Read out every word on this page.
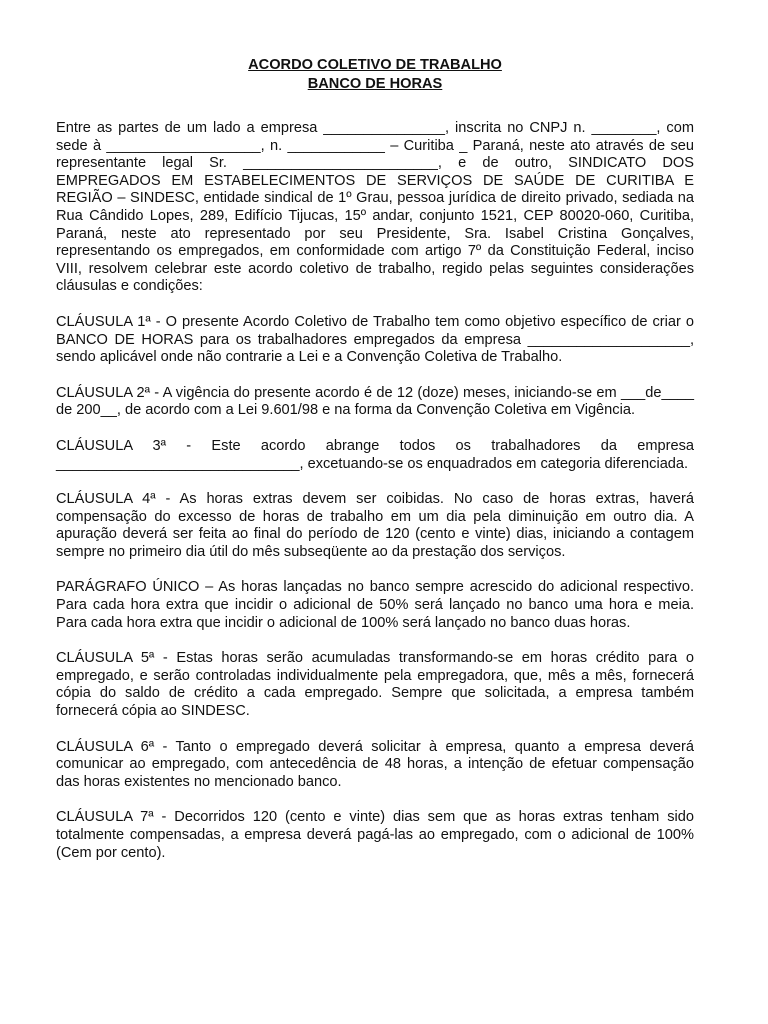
ACORDO COLETIVO DE TRABALHO

BANCO DE HORAS

Entre as partes de um lado a empresa _______________, inscrita no CNPJ n. ________, com sede à ___________________, n. ____________ – Curitiba _ Paraná, neste ato através de seu representante legal Sr. ________________________, e de outro, SINDICATO DOS EMPREGADOS EM ESTABELECIMENTOS DE SERVIÇOS DE SAÚDE DE CURITIBA E REGIÃO – SINDESC, entidade sindical de 1º Grau, pessoa jurídica de direito privado, sediada na Rua Cândido Lopes, 289, Edifício Tijucas, 15º andar, conjunto 1521, CEP 80020-060, Curitiba, Paraná, neste ato representado por seu Presidente, Sra. Isabel Cristina Gonçalves, representando os empregados, em conformidade com artigo 7º da Constituição Federal, inciso VIII, resolvem celebrar este acordo coletivo de trabalho, regido pelas seguintes considerações cláusulas e condições:

CLÁUSULA 1ª - O presente Acordo Coletivo de Trabalho tem como objetivo específico de criar o BANCO DE HORAS para os trabalhadores empregados da empresa ____________________, sendo aplicável onde não contrarie a Lei e a Convenção Coletiva de Trabalho.

CLÁUSULA 2ª - A vigência do presente acordo é de 12 (doze) meses, iniciando-se em ___de____ de 200__, de acordo com a Lei 9.601/98 e na forma da Convenção Coletiva em Vigência.

CLÁUSULA 3ª - Este acordo abrange todos os trabalhadores da empresa ______________________________, excetuando-se os enquadrados em categoria diferenciada.

CLÁUSULA 4ª - As horas extras devem ser coibidas. No caso de horas extras, haverá compensação do excesso de horas de trabalho em um dia pela diminuição em outro dia. A apuração deverá ser feita ao final do período de 120 (cento e vinte) dias, iniciando a contagem sempre no primeiro dia útil do mês subseqüente ao da prestação dos serviços.

PARÁGRAFO ÚNICO – As horas lançadas no banco sempre acrescido do adicional respectivo. Para cada hora extra que incidir o adicional de 50% será lançado no banco uma hora e meia. Para cada hora extra que incidir o adicional de 100% será lançado no banco duas horas.

CLÁUSULA 5ª - Estas horas serão acumuladas transformando-se em horas crédito para o empregado, e serão controladas individualmente pela empregadora, que, mês a mês, fornecerá cópia do saldo de crédito a cada empregado. Sempre que solicitada, a empresa também fornecerá cópia ao SINDESC.

CLÁUSULA 6ª - Tanto o empregado deverá solicitar à empresa, quanto a empresa deverá comunicar ao empregado, com antecedência de 48 horas, a intenção de efetuar compensação das horas existentes no mencionado banco.

CLÁUSULA 7ª - Decorridos 120 (cento e vinte) dias sem que as horas extras tenham sido totalmente compensadas, a empresa deverá pagá-las ao empregado, com o adicional de 100% (Cem por cento).
